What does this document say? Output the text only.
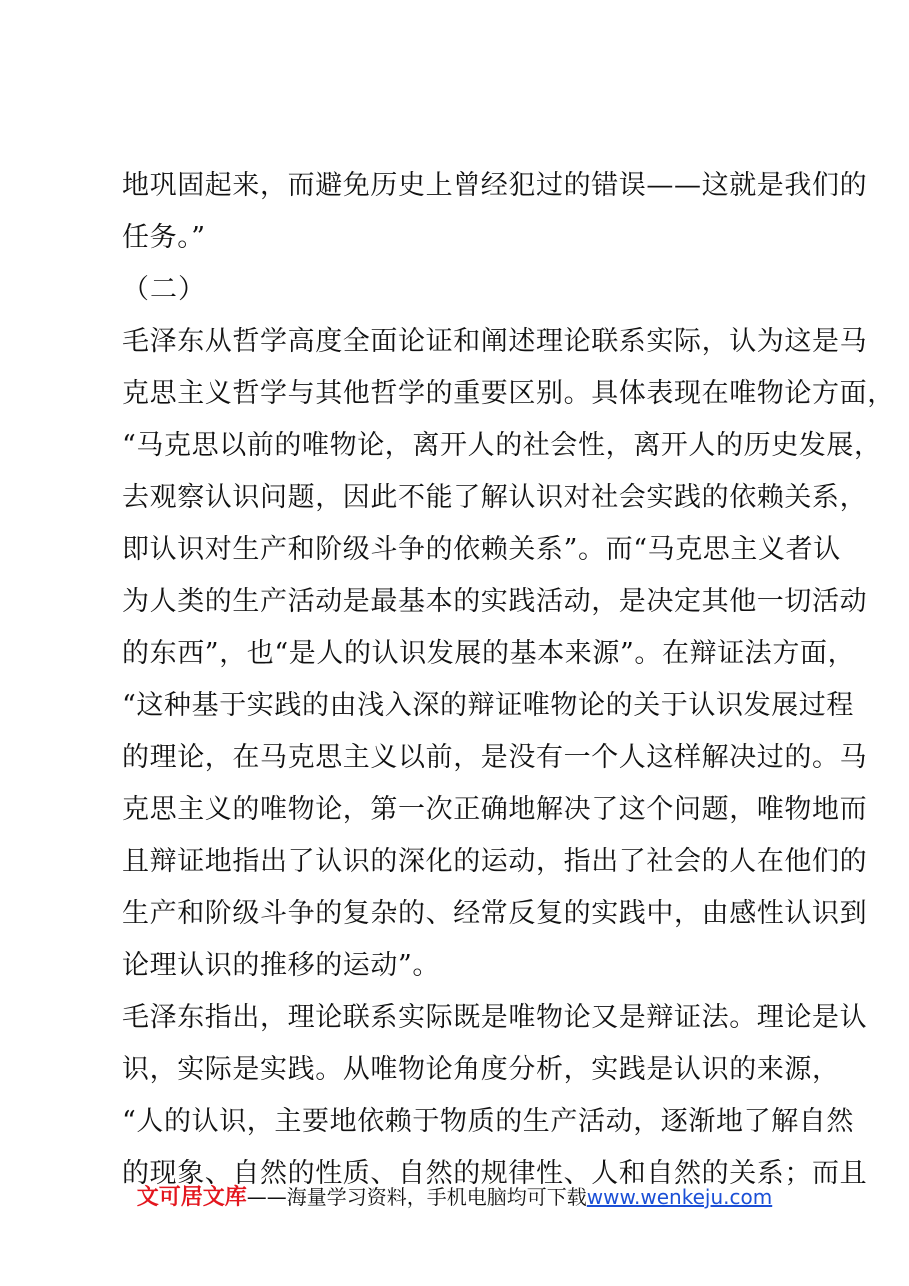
地巩固起来，而避免历史上曾经犯过的错误——这就是我们的
任务。”
（二）
毛泽东从哲学高度全面论证和阐述理论联系实际，认为这是马
克思主义哲学与其他哲学的重要区别。具体表现在唯物论方面，
“马克思以前的唯物论，离开人的社会性，离开人的历史发展，
去观察认识问题，因此不能了解认识对社会实践的依赖关系，
即认识对生产和阶级斗争的依赖关系”。而“马克思主义者认
为人类的生产活动是最基本的实践活动，是决定其他一切活动
的东西”，也“是人的认识发展的基本来源”。在辩证法方面，
“这种基于实践的由浅入深的辩证唯物论的关于认识发展过程
的理论，在马克思主义以前，是没有一个人这样解决过的。马
克思主义的唯物论，第一次正确地解决了这个问题，唯物地而
且辩证地指出了认识的深化的运动，指出了社会的人在他们的
生产和阶级斗争的复杂的、经常反复的实践中，由感性认识到
论理认识的推移的运动”。
毛泽东指出，理论联系实际既是唯物论又是辩证法。理论是认
识，实际是实践。从唯物论角度分析，实践是认识的来源，
“人的认识，主要地依赖于物质的生产活动，逐渐地了解自然
的现象、自然的性质、自然的规律性、人和自然的关系；而且
文可居文库——海量学习资料，手机电脑均可下载www.wenkeju.com
